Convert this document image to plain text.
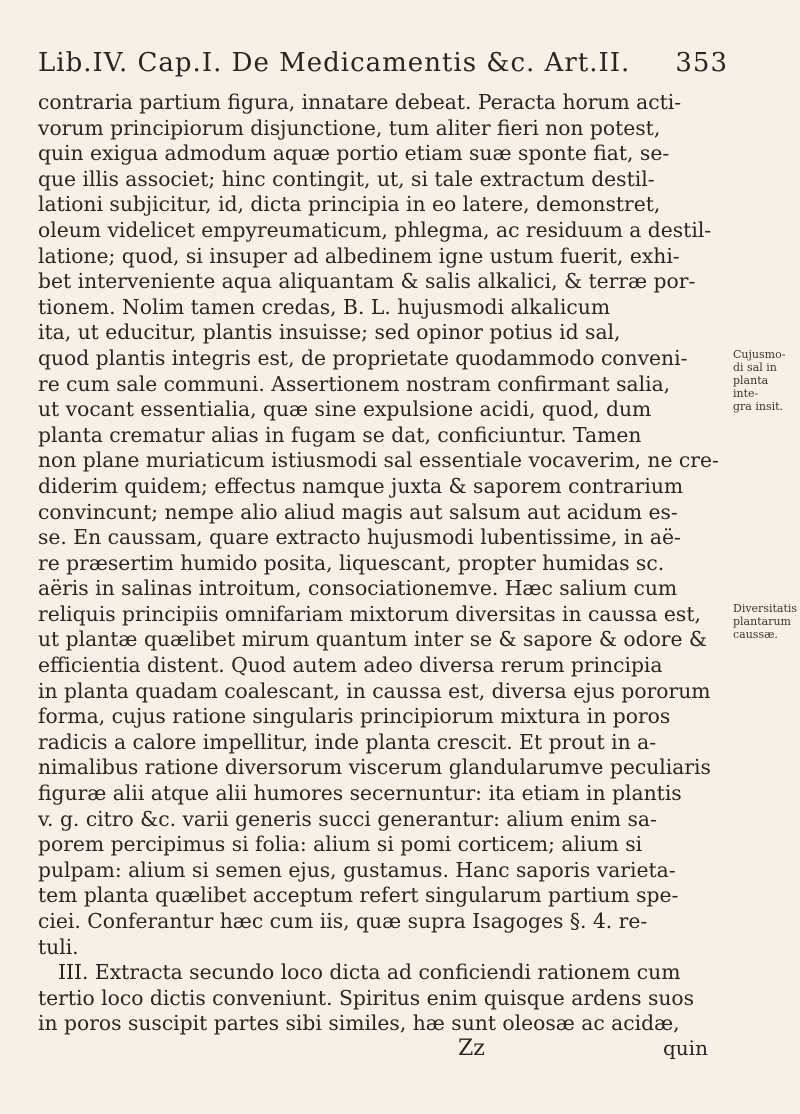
Lib.IV. Cap.I. De Medicamentis &c. Art.II. 353
contraria partium figura, innatare debeat. Peracta horum acti-
vorum principiorum disjunctione, tum aliter fieri non potest,
quin exigua admodum aquæ portio etiam suæ sponte fiat, se-
que illis associet; hinc contingit, ut, si tale extractum destil-
lationi subjicitur, id, dicta principia in eo latere, demonstret,
oleum videlicet empyreumaticum, phlegma, ac residuum a destil-
latione; quod, si insuper ad albedinem igne ustum fuerit, exhi-
bet interveniente aqua aliquantam & salis alkalici, & terræ por-
tionem. Nolim tamen credas, B. L. hujusmodi alkalicum
ita, ut educitur, plantis insuisse; sed opinor potius id sal,
quod plantis integris est, de proprietate quodammodo conveni-
re cum sale communi. Assertionem nostram confirmant salia,
ut vocant essentialia, quæ sine expulsione acidi, quod, dum
planta crematur alias in fugam se dat, conficiuntur. Tamen
non plane muriaticum istiusmodi sal essentiale vocaverim, ne cre-
diderim quidem; effectus namque juxta & saporem contrarium
convincunt; nempe alio aliud magis aut salsum aut acidum es-
se. En caussam, quare extracto hujusmodi lubentissime, in aë-
re præsertim humido posita, liquescant, propter humidas sc.
aëris in salinas introitum, consociationemve. Hæc salium cum
reliquis principiis omnifariam mixtorum diversitas in caussa est,
ut plantæ quælibet mirum quantum inter se & sapore & odore &
efficientia distent. Quod autem adeo diversa rerum principia
in planta quadam coalescant, in caussa est, diversa ejus pororum
forma, cujus ratione singularis principiorum mixtura in poros
radicis a calore impellitur, inde planta crescit. Et prout in a-
nimalibus ratione diversorum viscerum glandularumve peculiaris
figuræ alii atque alii humores secernuntur: ita etiam in plantis
v. g. citro &c. varii generis succi generantur: alium enim sa-
porem percipimus si folia: alium si pomi corticem; alium si
pulpam: alium si semen ejus, gustamus. Hanc saporis varieta-
tem planta quælibet acceptum refert singularum partium spe-
ciei. Conferantur hæc cum iis, quæ supra Isagoges §. 4. re-
tuli.
III. Extracta secundo loco dicta ad conficiendi rationem cum
tertio loco dictis conveniunt. Spiritus enim quisque ardens suos
in poros suscipit partes sibi similes, hæ sunt oleosæ ac acidæ,
Cujusmo-
di sal in
planta inte-
gra insit.
Diversitatis
plantarum
caussæ.
Zz	quin
